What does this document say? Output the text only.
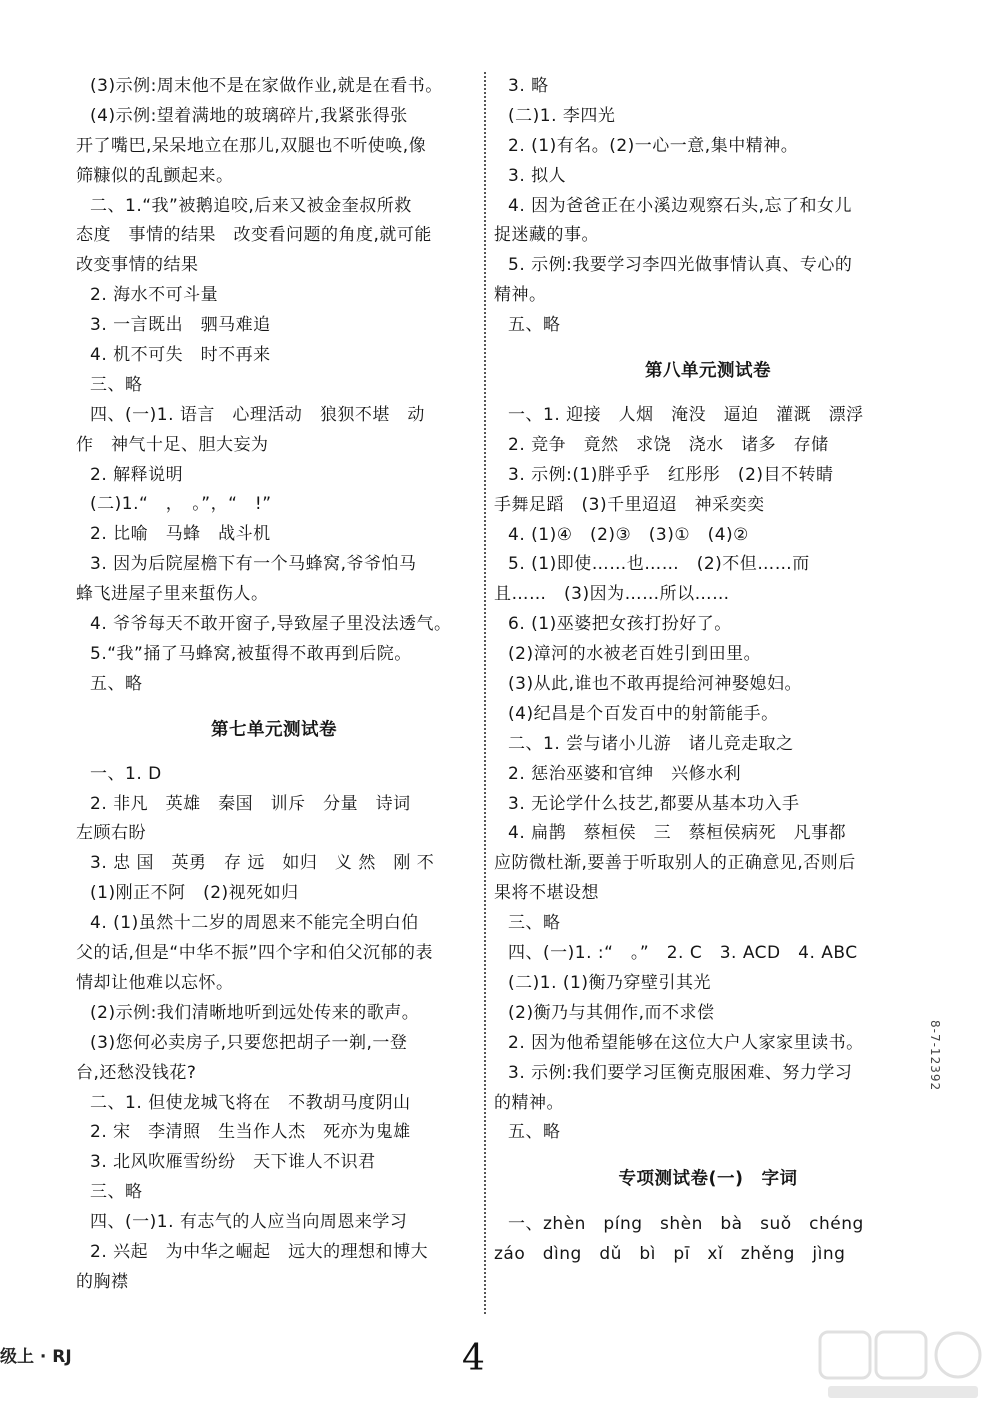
(3)示例:周末他不是在家做作业,就是在看书。
(4)示例:望着满地的玻璃碎片,我紧张得张
开了嘴巴,呆呆地立在那儿,双腿也不听使唤,像
筛糠似的乱颤起来。
二、1.“我”被鹅追咬,后来又被金奎叔所救
态度　事情的结果　改变看问题的角度,就可能
改变事情的结果
2. 海水不可斗量
3. 一言既出　驷马难追
4. 机不可失　时不再来
三、略
四、(一)1. 语言　心理活动　狼狈不堪　动
作　神气十足、胆大妄为
2. 解释说明
(二)1.“　，　。”，“　!”
2. 比喻　马蜂　战斗机
3. 因为后院屋檐下有一个马蜂窝,爷爷怕马
蜂飞进屋子里来蜇伤人。
4. 爷爷每天不敢开窗子,导致屋子里没法透气。
5.“我”捅了马蜂窝,被蜇得不敢再到后院。
五、略
第七单元测试卷
一、1. D
2. 非凡　英雄　秦国　训斥　分量　诗词
左顾右盼
3. 忠 国　英勇　存 远　如归　义 然　刚 不
(1)刚正不阿　(2)视死如归
4. (1)虽然十二岁的周恩来不能完全明白伯
父的话,但是“中华不振”四个字和伯父沉郁的表
情却让他难以忘怀。
(2)示例:我们清晰地听到远处传来的歌声。
(3)您何必卖房子,只要您把胡子一剃,一登
台,还愁没钱花?
二、1. 但使龙城飞将在　不教胡马度阴山
2. 宋　李清照　生当作人杰　死亦为鬼雄
3. 北风吹雁雪纷纷　天下谁人不识君
三、略
四、(一)1. 有志气的人应当向周恩来学习
2. 兴起　为中华之崛起　远大的理想和博大
的胸襟
3. 略
(二)1. 李四光
2. (1)有名。(2)一心一意,集中精神。
3. 拟人
4. 因为爸爸正在小溪边观察石头,忘了和女儿
捉迷藏的事。
5. 示例:我要学习李四光做事情认真、专心的
精神。
五、略
第八单元测试卷
一、1. 迎接　人烟　淹没　逼迫　灌溉　漂浮
2. 竞争　竟然　求饶　浇水　诸多　存储
3. 示例:(1)胖乎乎　红彤彤　(2)目不转睛
手舞足蹈　(3)千里迢迢　神采奕奕
4. (1)④　(2)③　(3)①　(4)②
5. (1)即使……也……　(2)不但……而
且……　(3)因为……所以……
6. (1)巫婆把女孩打扮好了。
(2)漳河的水被老百姓引到田里。
(3)从此,谁也不敢再提给河神娶媳妇。
(4)纪昌是个百发百中的射箭能手。
二、1. 尝与诸小儿游　诸儿竞走取之
2. 惩治巫婆和官绅　兴修水利
3. 无论学什么技艺,都要从基本功入手
4. 扁鹊　蔡桓侯　三　蔡桓侯病死　凡事都
应防微杜渐,要善于听取别人的正确意见,否则后
果将不堪设想
三、略
四、(一)1. :“　。”　2. C　3. ACD　4. ABC
(二)1. (1)衡乃穿壁引其光
(2)衡乃与其佣作,而不求偿
2. 因为他希望能够在这位大户人家家里读书。
3. 示例:我们要学习匡衡克服困难、努力学习
的精神。
五、略
专项测试卷(一)　字词
一、zhèn　píng　shèn　bà　suǒ　chéng
záo　dìng　dǔ　bì　pī　xǐ　zhěng　jìng
级上 · RJ	4
8-7-12392
